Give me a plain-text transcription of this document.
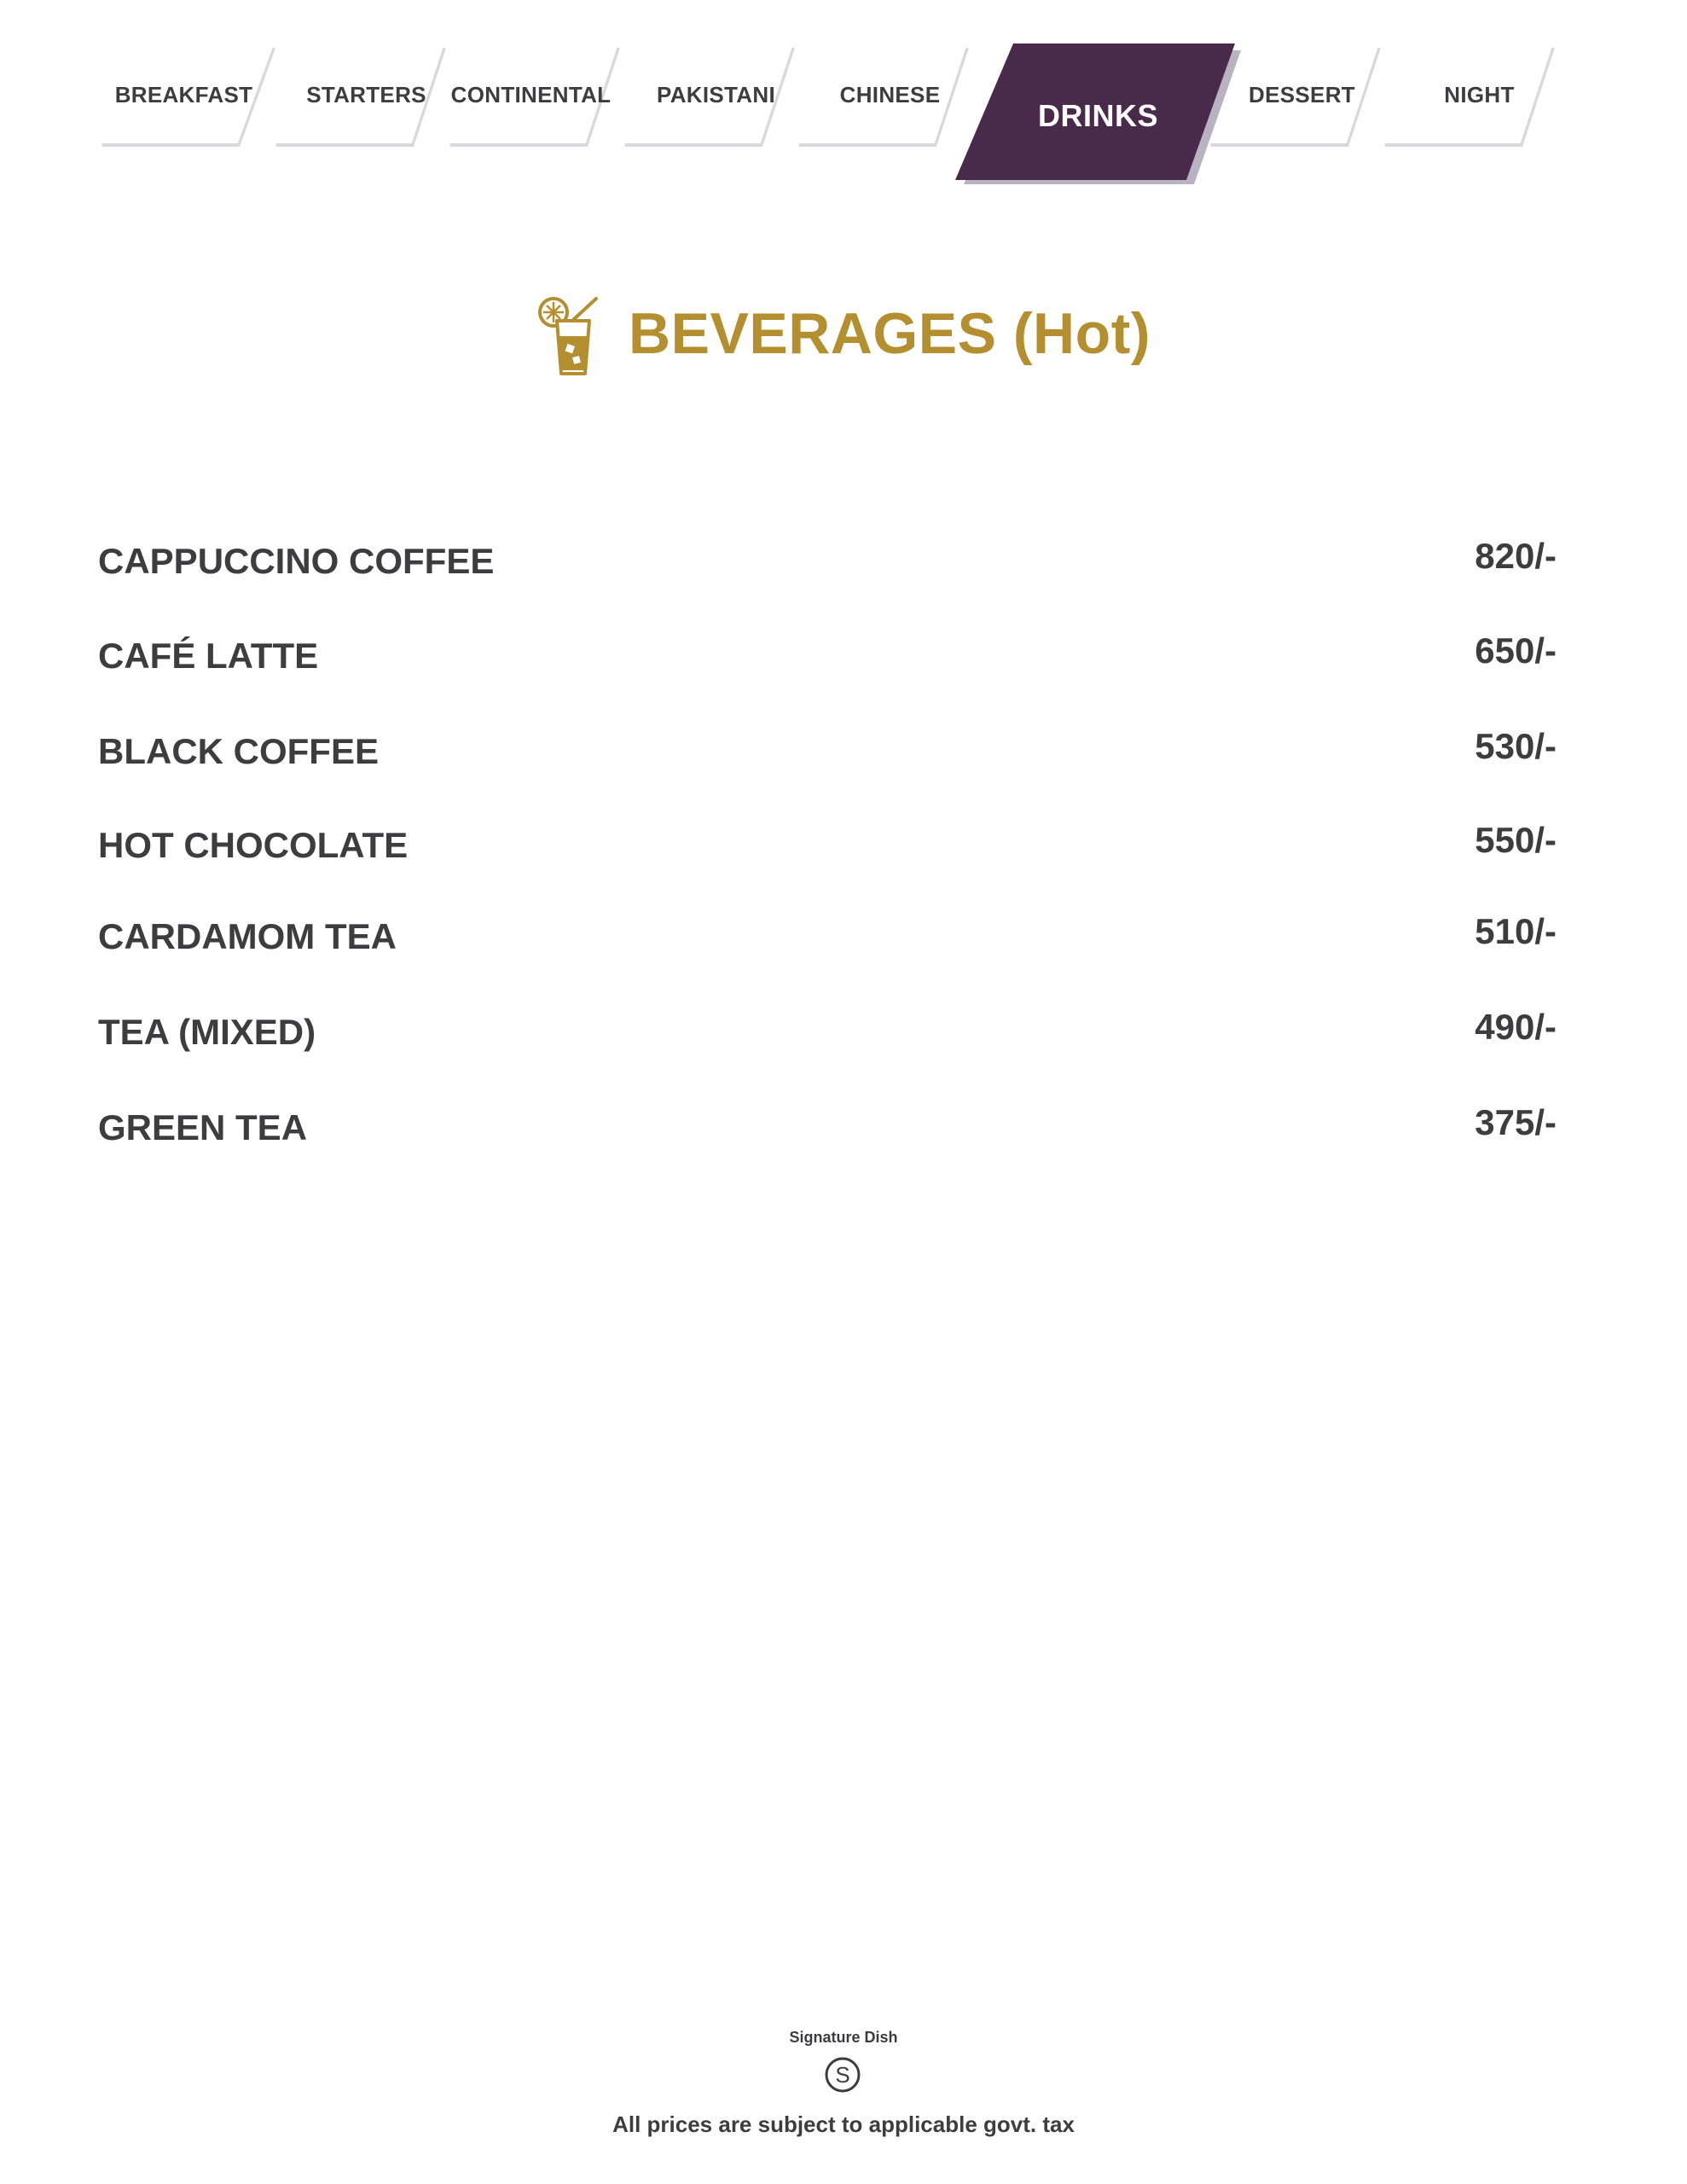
BREAKFAST	STARTERS	CONTINENTAL	PAKISTANI	CHINESE
DRINKS
DESSERT	NIGHT
BEVERAGES (Hot)
CAPPUCCINO COFFEE	820/-
CAFÉ LATTE	650/-
BLACK COFFEE	530/-
HOT CHOCOLATE	550/-
CARDAMOM TEA	510/-
TEA (MIXED)	490/-
GREEN TEA	375/-
Signature Dish
S
All prices are subject to applicable govt. tax
